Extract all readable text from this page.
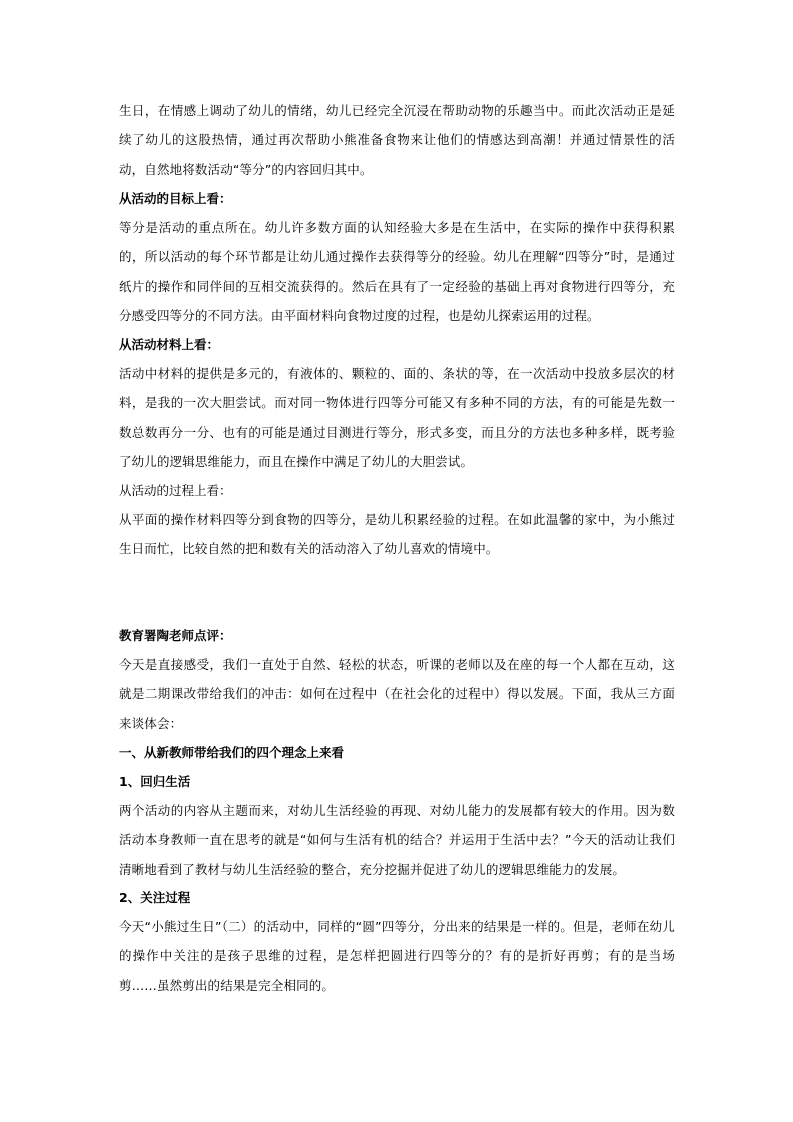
生日，在情感上调动了幼儿的情绪，幼儿已经完全沉浸在帮助动物的乐趣当中。而此次活动正是延续了幼儿的这股热情，通过再次帮助小熊准备食物来让他们的情感达到高潮！并通过情景性的活动，自然地将数活动“等分”的内容回归其中。

从活动的目标上看：

等分是活动的重点所在。幼儿许多数方面的认知经验大多是在生活中，在实际的操作中获得积累的，所以活动的每个环节都是让幼儿通过操作去获得等分的经验。幼儿在理解“四等分”时，是通过纸片的操作和同伴间的互相交流获得的。然后在具有了一定经验的基础上再对食物进行四等分，充分感受四等分的不同方法。由平面材料向食物过度的过程，也是幼儿探索运用的过程。

从活动材料上看：

活动中材料的提供是多元的，有液体的、颗粒的、面的、条状的等，在一次活动中投放多层次的材料，是我的一次大胆尝试。而对同一物体进行四等分可能又有多种不同的方法，有的可能是先数一数总数再分一分、也有的可能是通过目测进行等分，形式多变，而且分的方法也多种多样，既考验了幼儿的逻辑思维能力，而且在操作中满足了幼儿的大胆尝试。

从活动的过程上看：

从平面的操作材料四等分到食物的四等分，是幼儿积累经验的过程。在如此温馨的家中，为小熊过生日而忙，比较自然的把和数有关的活动溶入了幼儿喜欢的情境中。

教育署陶老师点评：

今天是直接感受，我们一直处于自然、轻松的状态，听课的老师以及在座的每一个人都在互动，这就是二期课改带给我们的冲击：如何在过程中（在社会化的过程中）得以发展。下面，我从三方面来谈体会：

一、从新教师带给我们的四个理念上来看
1、回归生活

两个活动的内容从主题而来，对幼儿生活经验的再现、对幼儿能力的发展都有较大的作用。因为数活动本身教师一直在思考的就是“如何与生活有机的结合？并运用于生活中去？”今天的活动让我们清晰地看到了教材与幼儿生活经验的整合，充分挖掘并促进了幼儿的逻辑思维能力的发展。

2、关注过程

今天“小熊过生日”（二）的活动中，同样的“圆”四等分，分出来的结果是一样的。但是，老师在幼儿的操作中关注的是孩子思维的过程，是怎样把圆进行四等分的？有的是折好再剪；有的是当场剪……虽然剪出的结果是完全相同的。
